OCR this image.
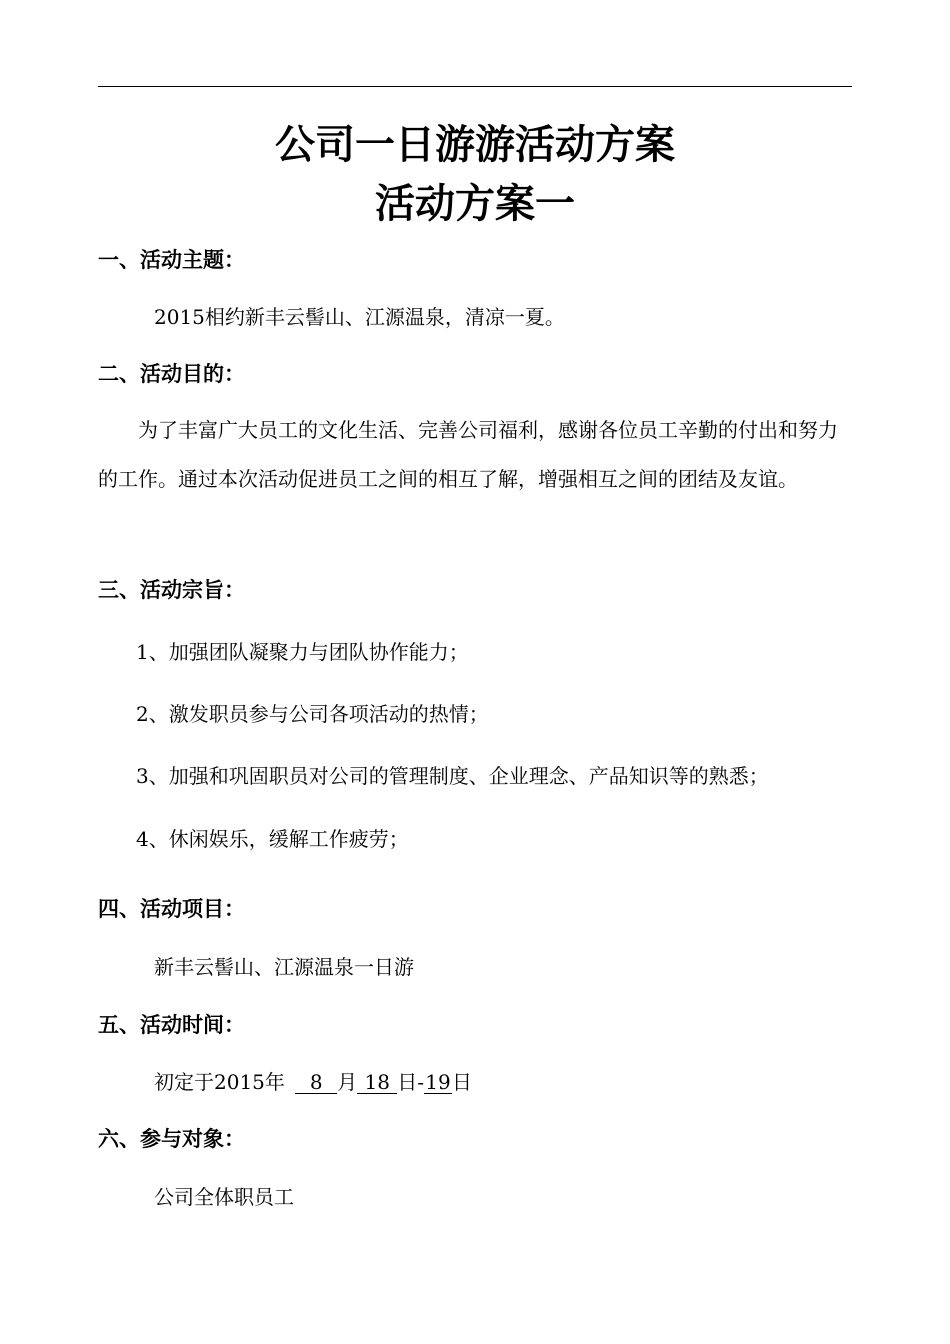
公司一日游游活动方案
活动方案一
一、活动主题：
2015相约新丰云髻山、江源温泉，清凉一夏。
二、活动目的：
为了丰富广大员工的文化生活、完善公司福利，感谢各位员工辛勤的付出和努力的工作。通过本次活动促进员工之间的相互了解，增强相互之间的团结及友谊。
三、活动宗旨：
1、加强团队凝聚力与团队协作能力；
2、激发职员参与公司各项活动的热情；
3、加强和巩固职员对公司的管理制度、企业理念、产品知识等的熟悉；
4、休闲娱乐，缓解工作疲劳；
四、活动项目：
新丰云髻山、江源温泉一日游
五、活动时间：
初定于2015年 8 月 18 日-19日
六、参与对象：
公司全体职员工
